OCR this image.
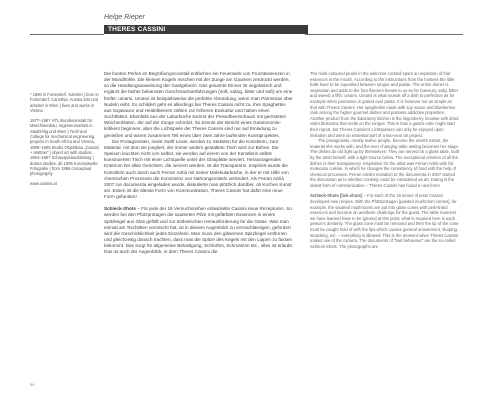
Helge Rieper
THERES CASSINI

* 1980 in Furtenderf, Kärnten | born in Furtenderf, Carinthia, Austria lebt und arbeitet in Wien | lives and works in Vienna

1977–1987 HTL Bundesanstalt für Maschinenbau, Ingenieursarbeit in Stadtzhlig und Wien | Technical College for mechanical engineering, projects in South Africa and Vienna, 1988–1999 Studio Objektbau „Cassini + Mattner“ | object art with studios, 1994–1997 Schauspielausbildung | drama studies, ab 1995 Konzeptuelle Fotografie | from 1995 conceptual photography

www.cassini.at

Die bunten Perlen im Begrüßungscocktail entfachen ein Feuerwerk von Fruchtessenzen in der Mundhöhle. Die kleinen Kugeln mischen mit der Zunge am Gaumen zerdrückt werden, so die Handlungsanweisung der Gastgeberin. Das gesamte Dinner ist vegetarisch und ergänzt die bisher bekannten Geschmackserfahrungen (süß, salzig, bitter und süß) um eine fünfte: umami. Umami ist beispielsweise die perfekte Abrundung, wenn man Parmesan über Nudeln reibt. So schildert geht es allerdings bei Theres Cassini nicht zu. Ihre Spaghettini aus Sojasauce und Heidelbeeren zählen zur höheren Esskultur und haben einen Suchtfaktor. Ebenfalls aus der Laborküche kommt der Preiselbeerschaum mit gerösteten Weichenblüten, der auf der Zunge schmilzt. So könnte der Bericht eines Gastronomiekritikers beginnen, aber die Lichtspiele der Theres Cassini sind nur auf Einladung zu genießen und waren zusammen Teil eines über zwei Jahre laufenden Kunstprojektes.

Die Protagonisten, meist zwölf Leute, werden zu Statisten für die Künstlerin, zum Material, mit dem sie jongliert, der immer anders gestaltete Tisch wird zur Bühne. Die Speisen leuchten nicht von selbst, sie werden auf einem von der Künstlerin selbst konstruierten Tisch mit einer Lichtquelle unter der Glasplatte serviert. Herausragendes Kriterium bei allen Gerichten, die serviert werden, ist die Transparenz. Inspiriert wurde die Künstlerin auch durch auch Ferran Adrià mit seiner Molekularküche, in der er mit Hilfe von chemischen Prozessen die Konsistenz von Nahrungsmitteln verändert. Als Ferran Adrià 2007 zur documenta eingeladen wurde, diskutierte man plötzlich darüber, ob Kochen Kunst sei. Essen ist die älteste Form von Kommunikation, Theres Cassini hat dafür eine neue Form gefunden!

Schleck-Shots – Für jede der 18 Versuchsreihen entwickelte Cassini neue Rezepturen. So werden bei den Pfützprotagen die sautierten Pilze mit gefärbten Essenzen in einem Spitzkegel aus Glas gefüllt und zur ästhetischen Herausforderung für die Gäste. Was man einmal am Tischtitten vermischt hat, ist in diesem Augenblick zu vernachlässigen, gefordert wird die Geschicklichkeit jedes Einzelnen. Man muss den gläsernen Spitzkegel entfernen und gleichzeitig danach trachten, dass man die Spitze des Kegels mit den Lippen zu fassen bekommt. Das sorgt für allgemeine Belustigung, Schlürfen, Schmatzen etc., alles ist erlaubt. Das ist auch der Augenblick, in dem Theres Cassini die

The multi-coloured pearls in the welcome cocktail spark an explosion of fruit essences in the mouth. According to the instructions from the hostess the little balls have to be squashed between tongue and palate. The entire dinner is vegetarian and adds to the four flavours known to us so far (savoury, salty, bitter and sweet) a fifth: umami. Umami is what rounds off a dish to perfection as for example when parmesan is grated over pasta. It is however not as simple as that with Theres Cassini. Her spaghettini made with soy sauce and blueberries rank among the higher gourmet dishes and possess addictive properties. Another product from the laboratory kitchen is the lingonberry mousse with dried violet blossoms that melts on the tongue. This is how a gastro-critic might start their report, but Theres Cassini’s Lichtspeisen can only be enjoyed upon invitation and were an essential part of a two-year art project.

The protagonists, mostly twelve people, become the artist’s extras, the material she works with, and the ever changing table setting becomes her stage. The dishes do not light up by themselves. They are served on a glass table, built by the artist herself, with a light source below. The exceptional criterion of all the dishes is their transparency. Inspiration for the artist was Ferran Adrià with his molecular cuisine, in which he changes the consistency of food with the help of chemical processes. Ferran Adrià’s invitation to the documenta in 2007 started the discussion as to whether cooking could be considered as art. Eating is the oldest form of communication – Theres Cassini has found a new form!

Schleck-Shots [lick-shots] – For each of the 18 series of tests Cassini developed new recipes. With the Pfützprotagen [painted mushroom comes], for example, the sautéed mushrooms are put into glass cones with pink-tinted essences and become an aesthetic challenge for the guest. The table manners we have learned have to be ignored at this point; what is required here is each person’s dexterity. The glass cone must be removed and then the tip of the cone must be caught hold of with the lips which causes general amusement, slurping, smacking, etc. – everything is allowed. This is the moment when Theres Cassini makes use of the camera. The documents of “bad behaviour” are the so-called Schleck-Shots. The photographs are

56
